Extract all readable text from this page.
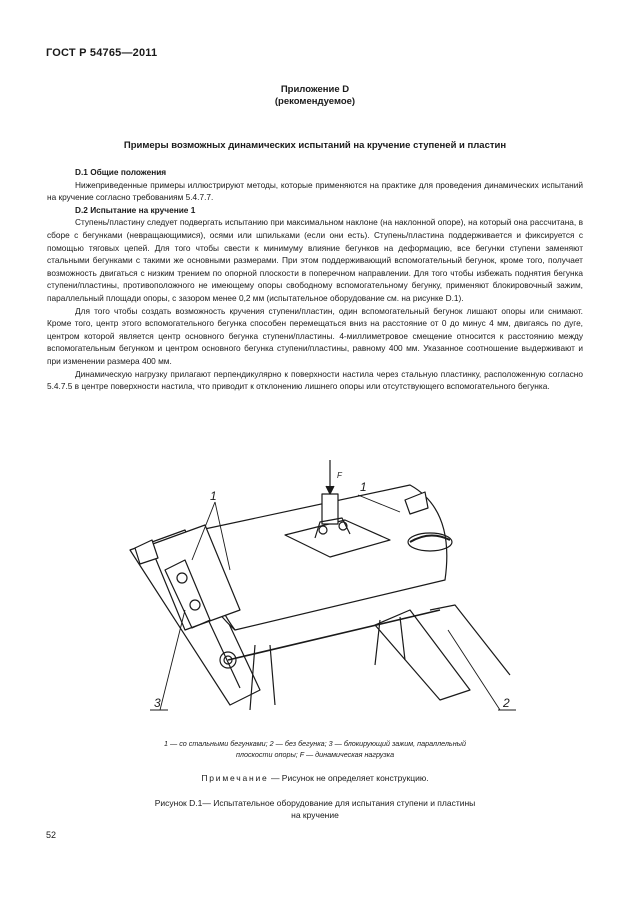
ГОСТ Р 54765—2011
Приложение D
(рекомендуемое)
Примеры возможных динамических испытаний на кручение ступеней и пластин

D.1 Общие положения

Нижеприведенные примеры иллюстрируют методы, которые применяются на практике для проведения динамических испытаний на кручение согласно требованиям 5.4.7.7.

D.2 Испытание на кручение 1

Ступень/пластину следует подвергать испытанию при максимальном наклоне (на наклонной опоре), на который она рассчитана, в сборе с бегунками (невращающимися), осями или шпильками (если они есть). Ступень/пластина поддерживается и фиксируется с помощью тяговых цепей. Для того чтобы свести к минимуму влияние бегунков на деформацию, все бегунки ступени заменяют стальными бегунками с такими же основными размерами. При этом поддерживающий вспомогательный бегунок, кроме того, получает возможность двигаться с низким трением по опорной плоскости в поперечном направлении. Для того чтобы избежать поднятия бегунка ступени/пластины, противоположного не имеющему опоры свободному вспомогательному бегунку, применяют блокировочный зажим, параллельный площади опоры, с зазором менее 0,2 мм (испытательное оборудование см. на рисунке D.1).

Для того чтобы создать возможность кручения ступени/пластин, один вспомогательный бегунок лишают опоры или снимают. Кроме того, центр этого вспомогательного бегунка способен перемещаться вниз на расстояние от 0 до минус 4 мм, двигаясь по дуге, центром которой является центр основного бегунка ступени/пластины. 4-миллиметровое смещение относится к расстоянию между вспомогательным бегунком и центром основного бегунка ступени/пластины, равному 400 мм. Указанное соотношение выдерживают и при изменении размера 400 мм.

Динамическую нагрузку прилагают перпендикулярно к поверхности настила через стальную пластинку, расположенную согласно 5.4.7.5 в центре поверхности настила, что приводит к отклонению лишнего опоры или отсутствующего вспомогательного бегунка.

F
1
1
3	2
1 — со стальными бегунками; 2 — без бегунка; 3 — блокирующий зажим, параллельный
плоскости опоры; F — динамическая нагрузка
Примечание — Рисунок не определяет конструкцию.
Рисунок D.1— Испытательное оборудование для испытания ступени и пластины
на кручение
52
